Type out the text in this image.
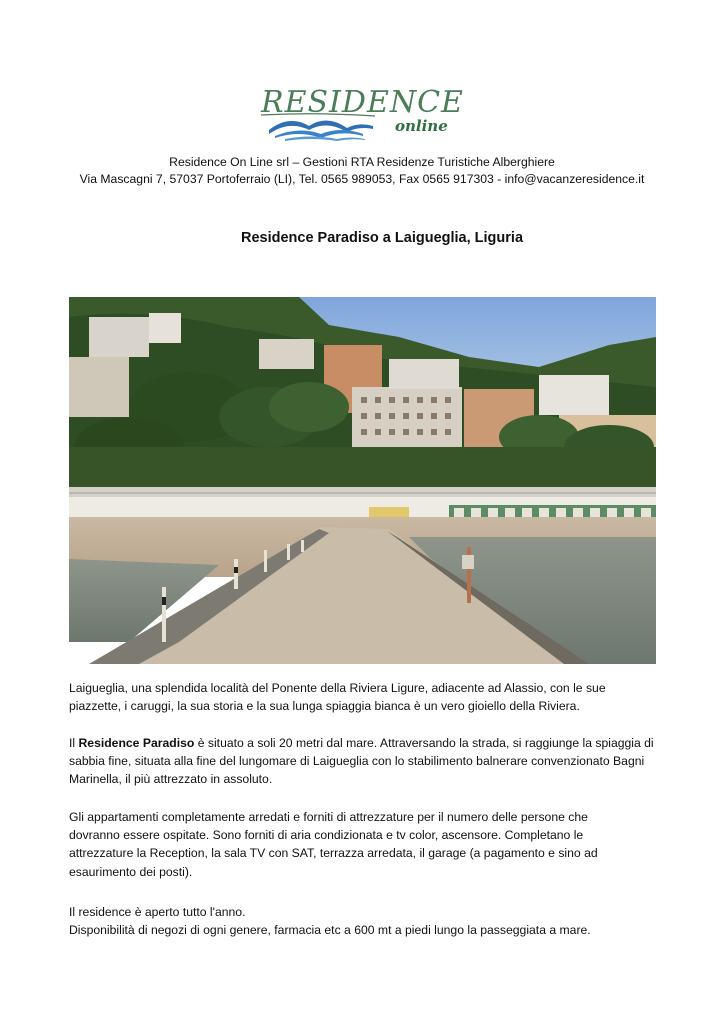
RESIDENCE
online
Residence On Line srl – Gestioni RTA Residenze Turistiche Alberghiere
Via Mascagni 7, 57037 Portoferraio (LI), Tel. 0565 989053, Fax 0565 917303 - info@vacanzeresidence.it
Residence Paradiso a Laigueglia, Liguria

Laigueglia, una splendida località del Ponente della Riviera Ligure, adiacente ad Alassio, con le sue

piazzette, i caruggi, la sua storia e la sua lunga spiaggia bianca è un vero gioiello della Riviera.

Il Residence Paradiso è situato a soli 20 metri dal mare. Attraversando la strada, si raggiunge la spiaggia di

sabbia fine, situata alla fine del lungomare di Laigueglia con lo stabilimento balnerare convenzionato Bagni

Marinella, il più attrezzato in assoluto.

Gli appartamenti completamente arredati e forniti di attrezzature per il numero delle persone che

dovranno essere ospitate. Sono forniti di aria condizionata e tv color, ascensore. Completano le

attrezzature la Reception, la sala TV con SAT, terrazza arredata, il garage (a pagamento e sino ad

esaurimento dei posti).

Il residence è aperto tutto l'anno.

Disponibilità di negozi di ogni genere, farmacia etc a 600 mt a piedi lungo la passeggiata a mare.
